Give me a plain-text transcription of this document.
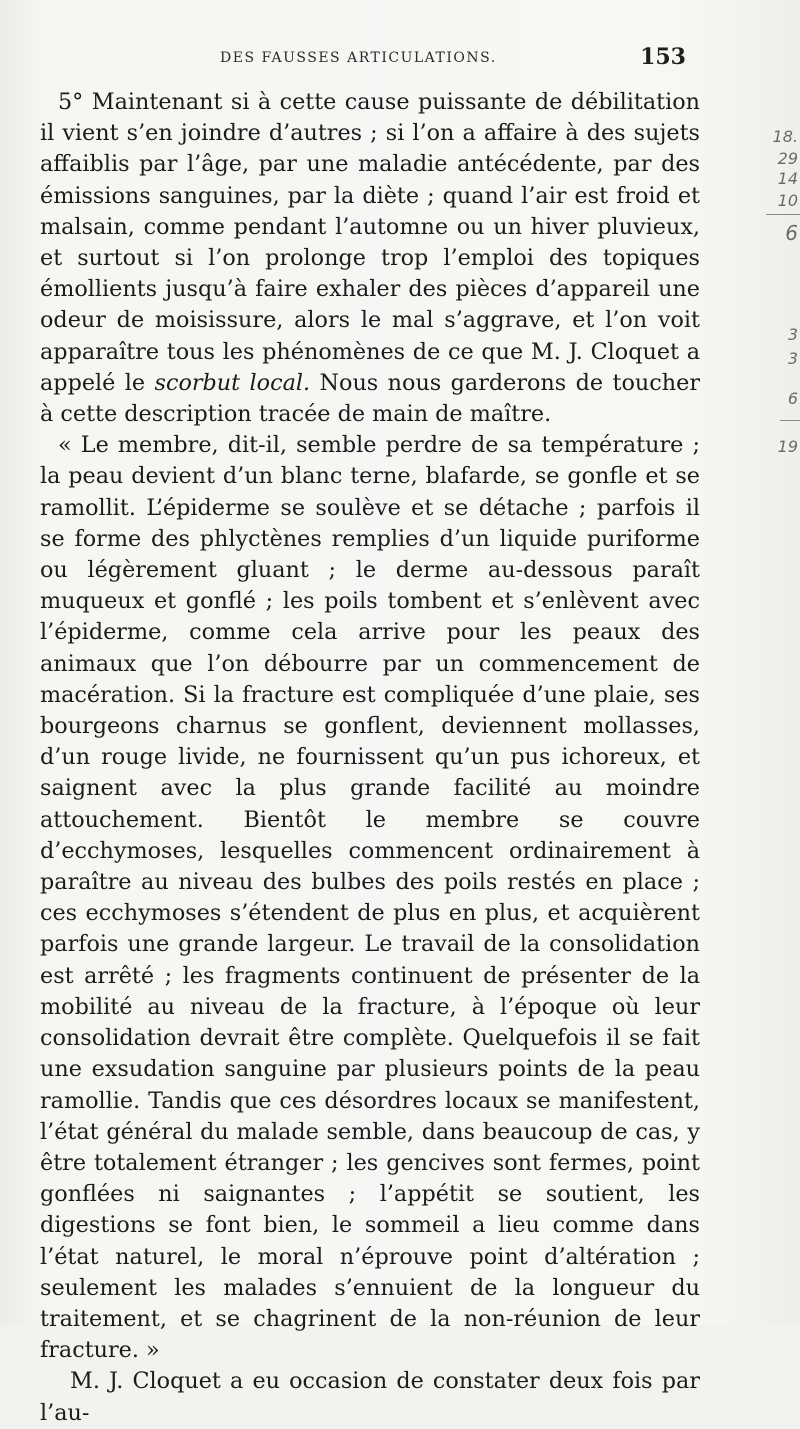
DES FAUSSES ARTICULATIONS.	153

5° Maintenant si à cette cause puissante de débilitation il vient s’en joindre d’autres ; si l’on a affaire à des sujets affaiblis par l’âge, par une maladie antécédente, par des émissions sanguines, par la diète ; quand l’air est froid et malsain, comme pendant l’automne ou un hiver pluvieux, et surtout si l’on prolonge trop l’emploi des topiques émollients jusqu’à faire exhaler des pièces d’appareil une odeur de moisissure, alors le mal s’aggrave, et l’on voit apparaître tous les phénomènes de ce que M. J. Cloquet a appelé le scorbut local. Nous nous garderons de toucher à cette description tracée de main de maître.

« Le membre, dit-il, semble perdre de sa température ; la peau devient d’un blanc terne, blafarde, se gonfle et se ramollit. L’épiderme se soulève et se détache ; parfois il se forme des phlyctènes remplies d’un liquide puriforme ou légèrement gluant ; le derme au-dessous paraît muqueux et gonflé ; les poils tombent et s’enlèvent avec l’épiderme, comme cela arrive pour les peaux des animaux que l’on débourre par un commencement de macération. Si la fracture est compliquée d’une plaie, ses bourgeons charnus se gonflent, deviennent mollasses, d’un rouge livide, ne fournissent qu’un pus ichoreux, et saignent avec la plus grande facilité au moindre attouchement. Bientôt le membre se couvre d’ecchymoses, lesquelles commencent ordinairement à paraître au niveau des bulbes des poils restés en place ; ces ecchymoses s’étendent de plus en plus, et acquièrent parfois une grande largeur. Le travail de la consolidation est arrêté ; les fragments continuent de présenter de la mobilité au niveau de la fracture, à l’époque où leur consolidation devrait être complète. Quelquefois il se fait une exsudation sanguine par plusieurs points de la peau ramollie. Tandis que ces désordres locaux se manifestent, l’état général du malade semble, dans beaucoup de cas, y être totalement étranger ; les gencives sont fermes, point gonflées ni saignantes ; l’appétit se soutient, les digestions se font bien, le sommeil a lieu comme dans l’état naturel, le moral n’éprouve point d’altération ; seulement les malades s’ennuient de la longueur du traitement, et se chagrinent de la non-réunion de leur fracture. »

M. J. Cloquet a eu occasion de constater deux fois par l’au-

18.
29
14
10
6
3
3
6
19
